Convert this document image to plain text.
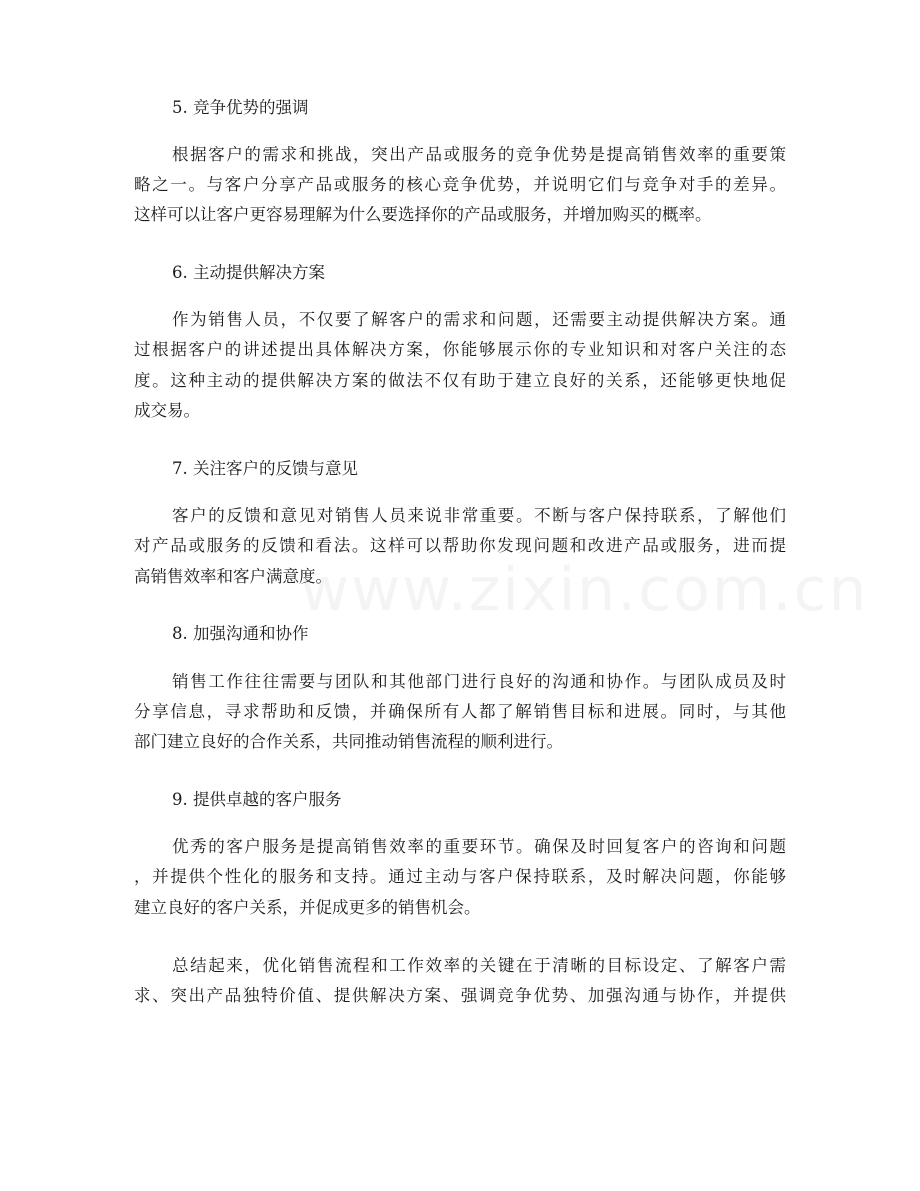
5. 竞争优势的强调
根据客户的需求和挑战，突出产品或服务的竞争优势是提高销售效率的重要策
略之一。与客户分享产品或服务的核心竞争优势，并说明它们与竞争对手的差异。
这样可以让客户更容易理解为什么要选择你的产品或服务，并增加购买的概率。
6. 主动提供解决方案
作为销售人员，不仅要了解客户的需求和问题，还需要主动提供解决方案。通
过根据客户的讲述提出具体解决方案，你能够展示你的专业知识和对客户关注的态
度。这种主动的提供解决方案的做法不仅有助于建立良好的关系，还能够更快地促
成交易。
7. 关注客户的反馈与意见
客户的反馈和意见对销售人员来说非常重要。不断与客户保持联系，了解他们
对产品或服务的反馈和看法。这样可以帮助你发现问题和改进产品或服务，进而提
高销售效率和客户满意度。
8. 加强沟通和协作
销售工作往往需要与团队和其他部门进行良好的沟通和协作。与团队成员及时
分享信息，寻求帮助和反馈，并确保所有人都了解销售目标和进展。同时，与其他
部门建立良好的合作关系，共同推动销售流程的顺利进行。
9. 提供卓越的客户服务
优秀的客户服务是提高销售效率的重要环节。确保及时回复客户的咨询和问题
，并提供个性化的服务和支持。通过主动与客户保持联系，及时解决问题，你能够
建立良好的客户关系，并促成更多的销售机会。
总结起来，优化销售流程和工作效率的关键在于清晰的目标设定、了解客户需
求、突出产品独特价值、提供解决方案、强调竞争优势、加强沟通与协作，并提供
